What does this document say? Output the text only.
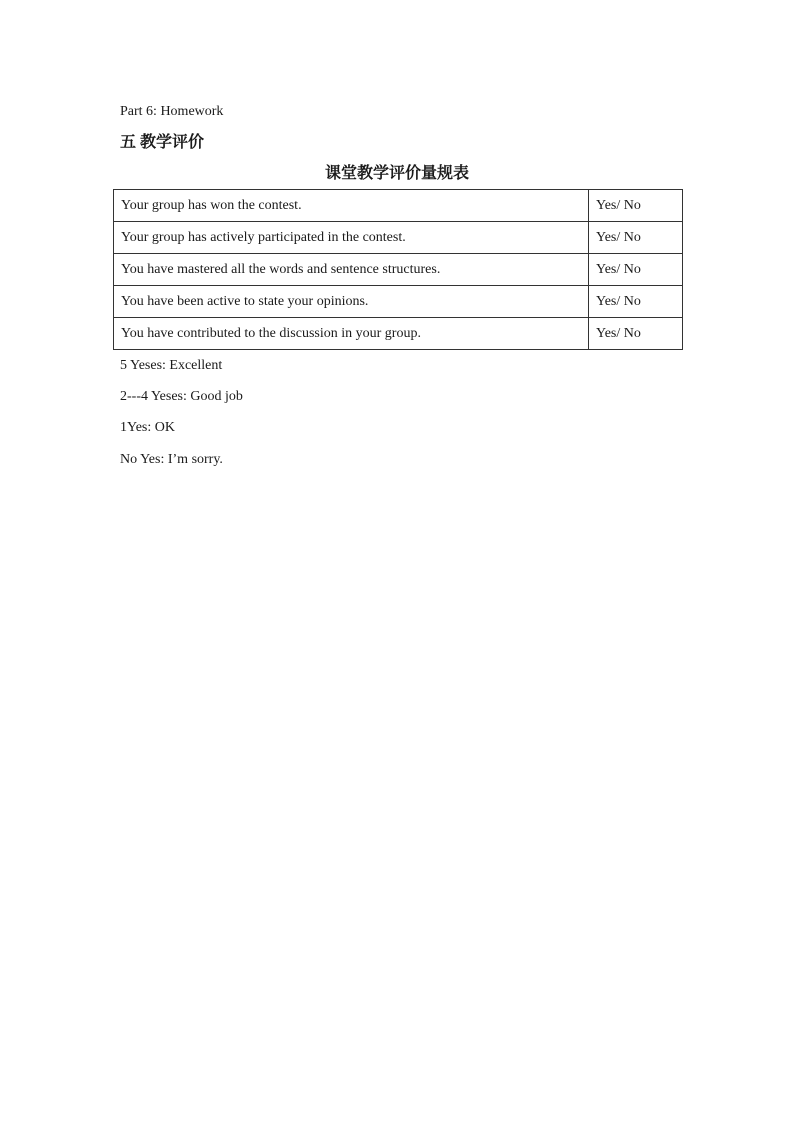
Part 6: Homework
五 教学评价
课堂教学评价量规表
Your group has won the contest.	Yes/ No
Your group has actively participated in the contest.	Yes/ No
You have mastered all the words and sentence structures.	Yes/ No
You have been active to state your opinions.	Yes/ No
You have contributed to the discussion in your group.	Yes/ No
5 Yeses: Excellent
2---4 Yeses: Good job
1Yes: OK
No Yes: I’m sorry.
